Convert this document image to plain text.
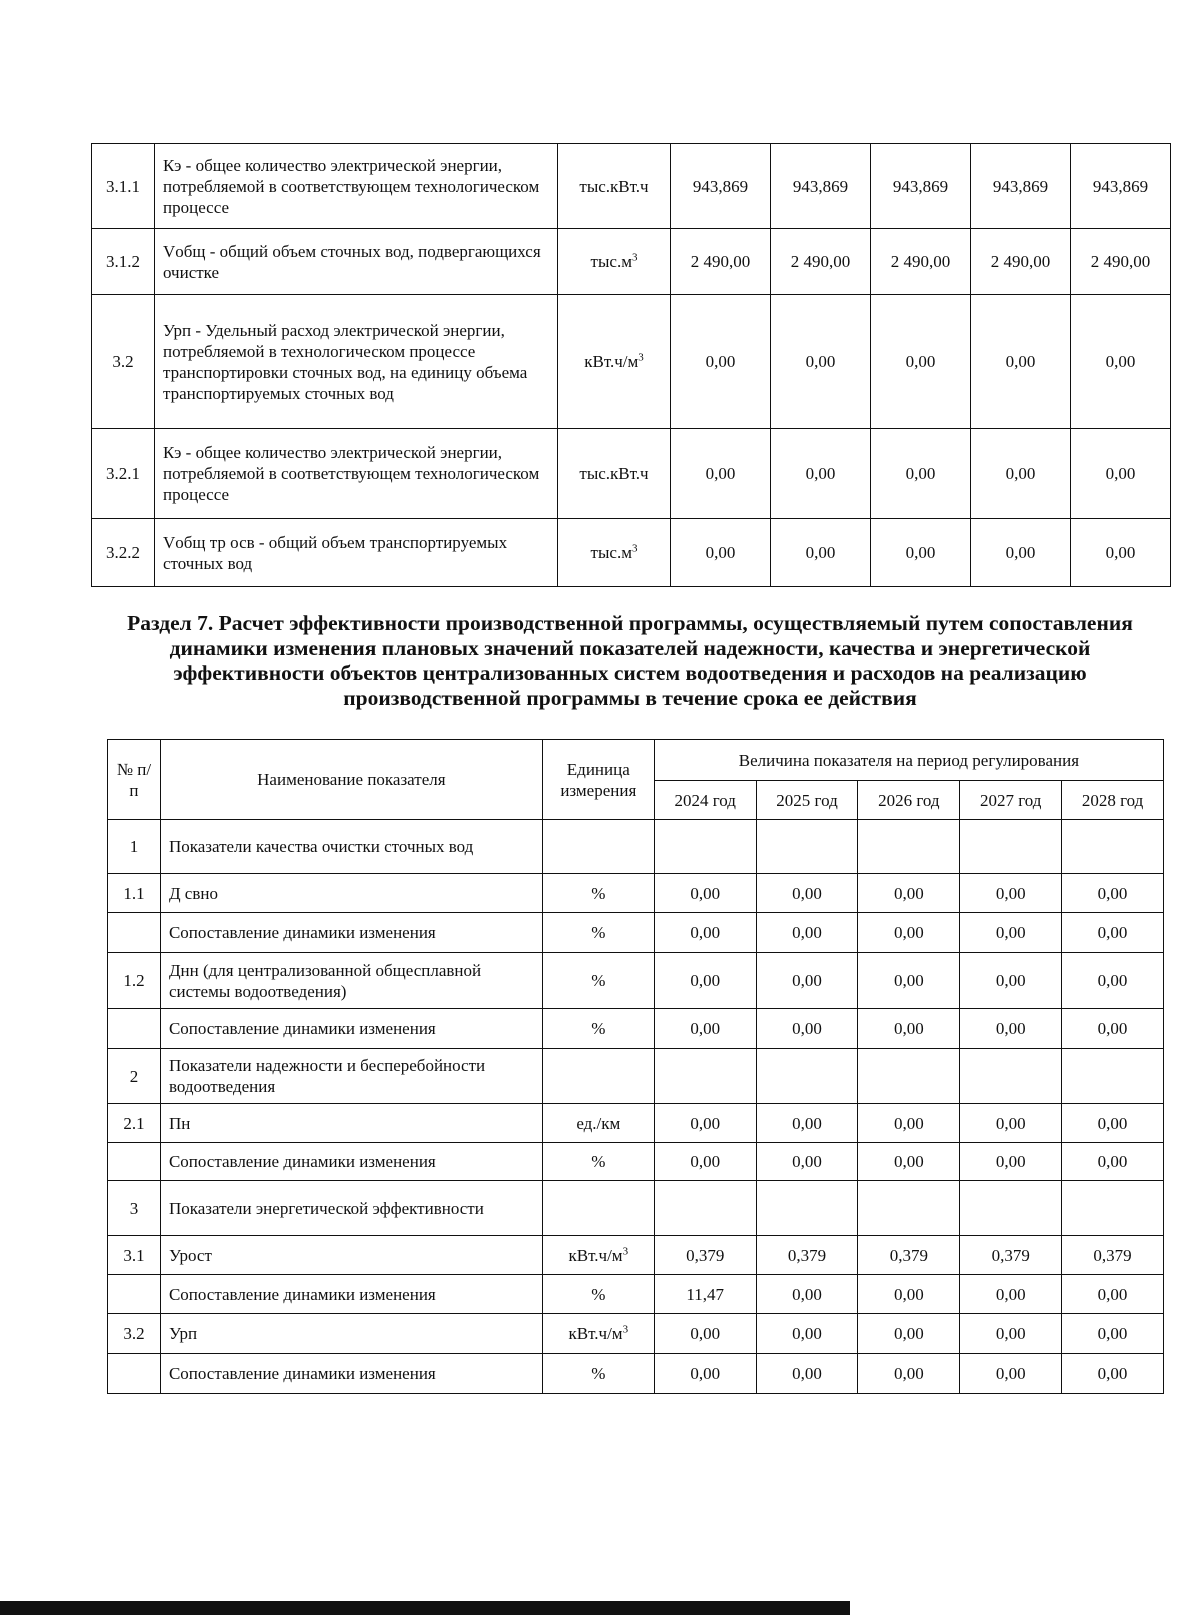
3.1.1	Кэ - общее количество электрической энергии, потребляемой в соответствующем технологическом процессе	тыс.кВт.ч	943,869	943,869	943,869	943,869	943,869
3.1.2	Vобщ - общий объем сточных вод, подвергающихся очистке	$тыс.м^3$	2 490,00	2 490,00	2 490,00	2 490,00	2 490,00
3.2	Урп - Удельный расход электрической энергии, потребляемой в технологическом процессе транспортировки сточных вод, на единицу объема транспортируемых сточных вод	$кВт.ч/м^3$	0,00	0,00	0,00	0,00	0,00
3.2.1	Кэ - общее количество электрической энергии, потребляемой в соответствующем технологическом процессе	тыс.кВт.ч	0,00	0,00	0,00	0,00	0,00
3.2.2	Vобщ тр осв - общий объем транспортируемых сточных вод	$тыс.м^3$	0,00	0,00	0,00	0,00	0,00
Раздел 7. Расчет эффективности производственной программы, осуществляемый путем сопоставления динамики изменения плановых значений показателей надежности, качества и энергетической эффективности объектов централизованных систем водоотведения и расходов на реализацию производственной программы в течение срока ее действия
№ п/п	Наименование показателя	Единица измерения	Величина показателя на период регулирования				
			2024 год	2025 год	2026 год	2027 год	2028 год
1	Показатели качества очистки сточных вод						
1.1	Д свно	%	0,00	0,00	0,00	0,00	0,00
	Сопоставление динамики изменения	%	0,00	0,00	0,00	0,00	0,00
1.2	Днн (для централизованной общесплавной системы водоотведения)	%	0,00	0,00	0,00	0,00	0,00
	Сопоставление динамики изменения	%	0,00	0,00	0,00	0,00	0,00
2	Показатели надежности и бесперебойности водоотведения						
2.1	Пн	ед./км	0,00	0,00	0,00	0,00	0,00
	Сопоставление динамики изменения	%	0,00	0,00	0,00	0,00	0,00
3	Показатели энергетической эффективности						
3.1	Урост	$кВт.ч/м^3$	0,379	0,379	0,379	0,379	0,379
	Сопоставление динамики изменения	%	11,47	0,00	0,00	0,00	0,00
3.2	Урп	$кВт.ч/м^3$	0,00	0,00	0,00	0,00	0,00
	Сопоставление динамики изменения	%	0,00	0,00	0,00	0,00	0,00
